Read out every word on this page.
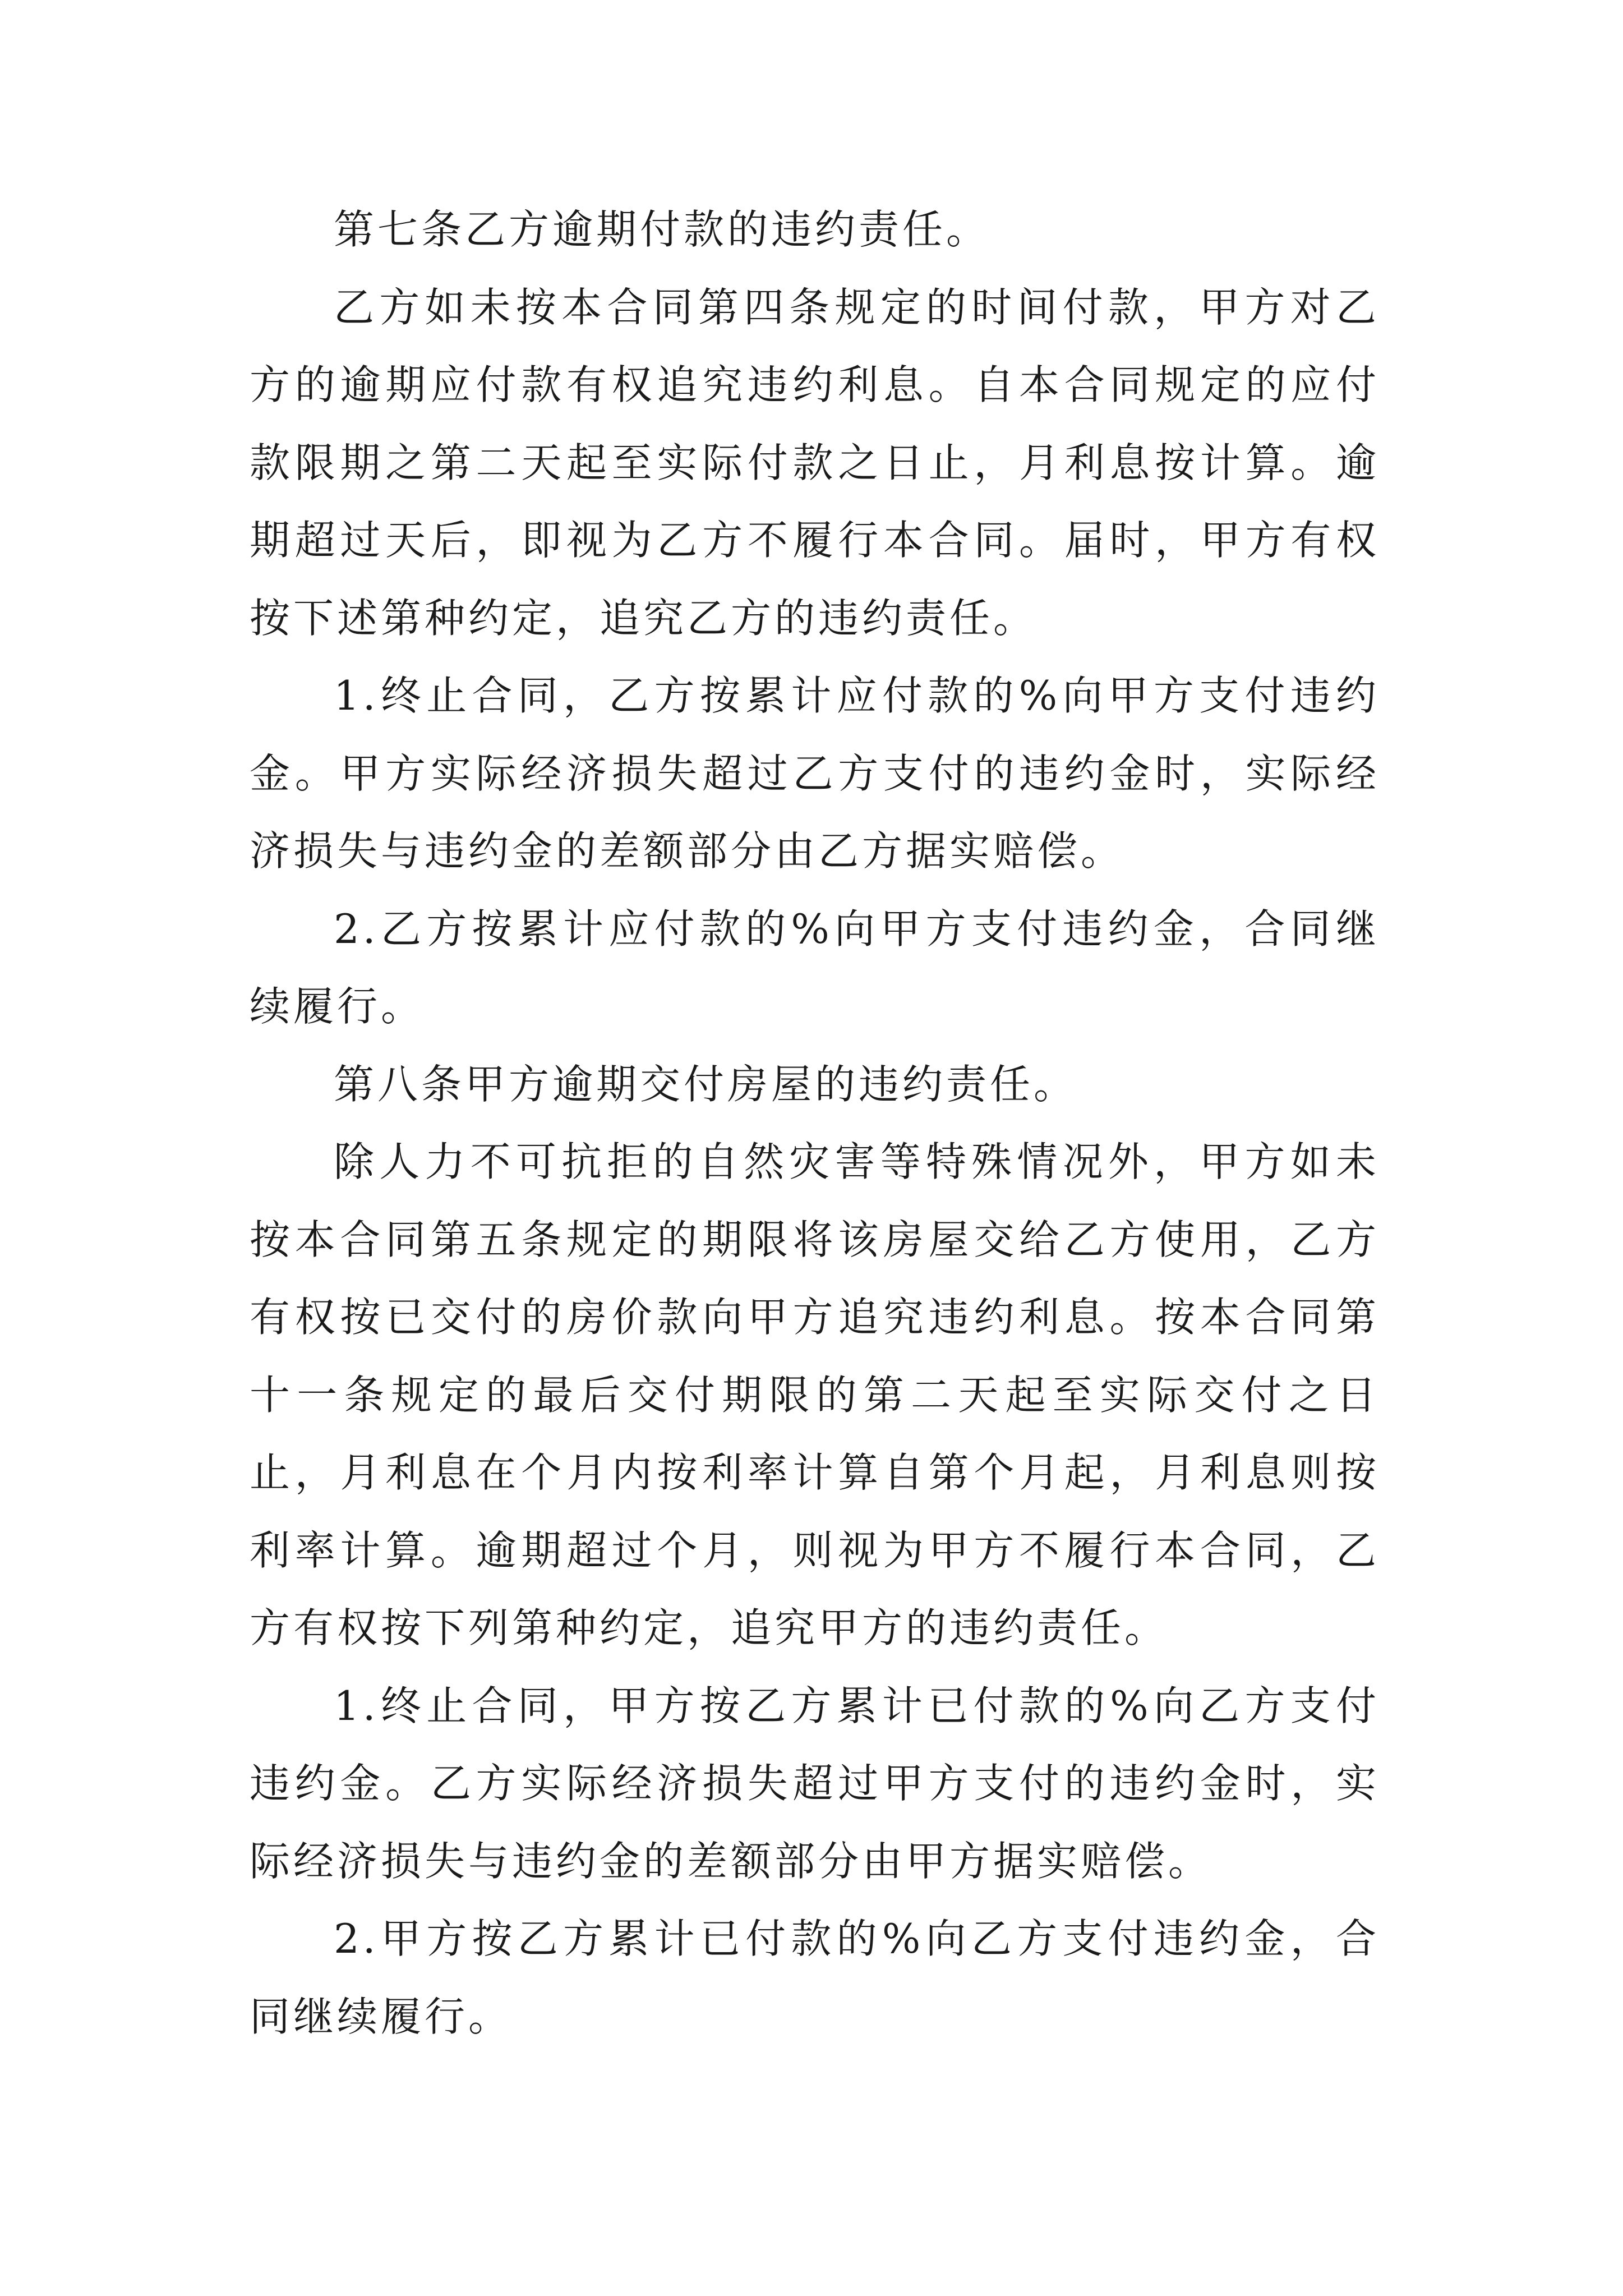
第七条乙方逾期付款的违约责任。

乙方如未按本合同第四条规定的时间付款，甲方对乙方的逾期应付款有权追究违约利息。自本合同规定的应付款限期之第二天起至实际付款之日止，月利息按计算。逾期超过天后，即视为乙方不履行本合同。届时，甲方有权按下述第种约定，追究乙方的违约责任。

1.终止合同，乙方按累计应付款的%向甲方支付违约金。甲方实际经济损失超过乙方支付的违约金时，实际经济损失与违约金的差额部分由乙方据实赔偿。

2.乙方按累计应付款的%向甲方支付违约金，合同继续履行。

第八条甲方逾期交付房屋的违约责任。

除人力不可抗拒的自然灾害等特殊情况外，甲方如未按本合同第五条规定的期限将该房屋交给乙方使用，乙方有权按已交付的房价款向甲方追究违约利息。按本合同第十一条规定的最后交付期限的第二天起至实际交付之日止，月利息在个月内按利率计算自第个月起，月利息则按利率计算。逾期超过个月，则视为甲方不履行本合同，乙方有权按下列第种约定，追究甲方的违约责任。

1.终止合同，甲方按乙方累计已付款的%向乙方支付违约金。乙方实际经济损失超过甲方支付的违约金时，实际经济损失与违约金的差额部分由甲方据实赔偿。

2.甲方按乙方累计已付款的%向乙方支付违约金，合同继续履行。
